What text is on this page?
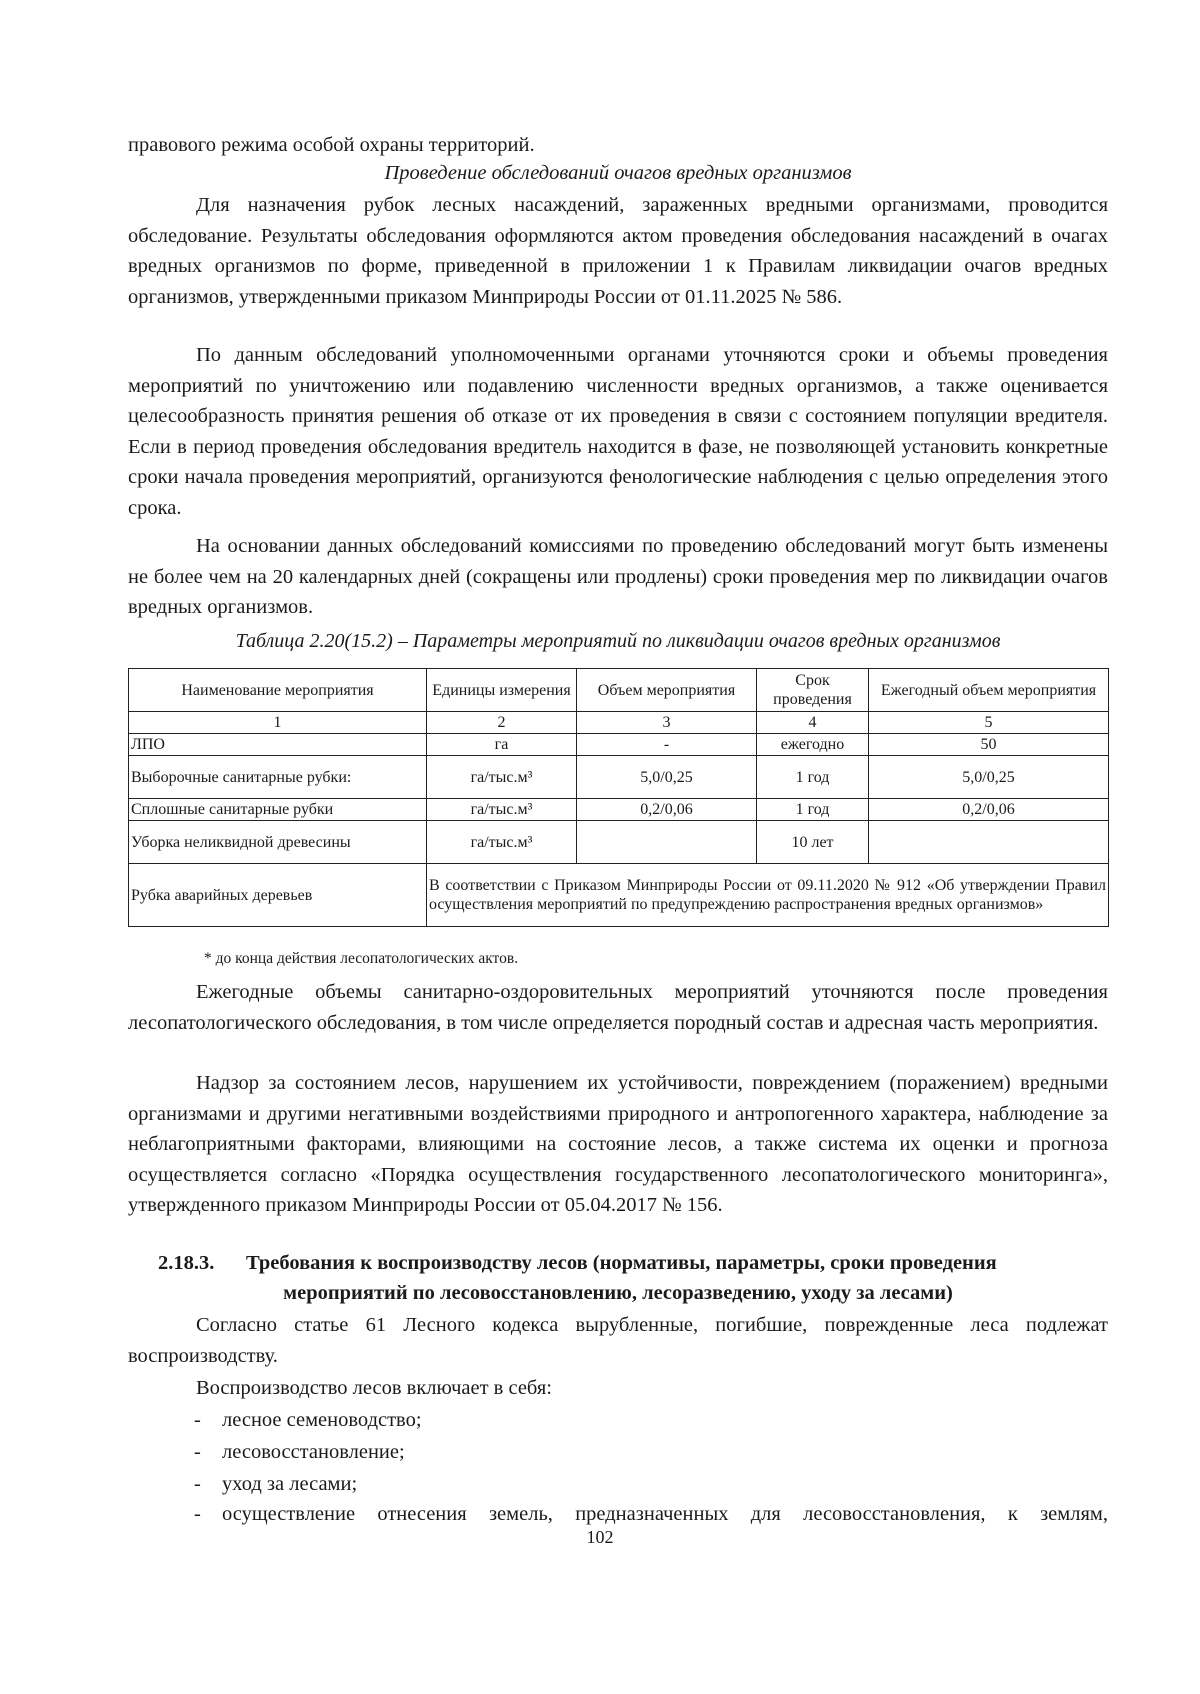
правового режима особой охраны территорий.

Проведение обследований очагов вредных организмов

Для назначения рубок лесных насаждений, зараженных вредными организмами, проводится обследование. Результаты обследования оформляются актом проведения обследования насаждений в очагах вредных организмов по форме, приведенной в приложении 1 к Правилам ликвидации очагов вредных организмов, утвержденными приказом Минприроды России от 01.11.2025 № 586.

По данным обследований уполномоченными органами уточняются сроки и объемы проведения мероприятий по уничтожению или подавлению численности вредных организмов, а также оценивается целесообразность принятия решения об отказе от их проведения в связи с состоянием популяции вредителя. Если в период проведения обследования вредитель находится в фазе, не позволяющей установить конкретные сроки начала проведения мероприятий, организуются фенологические наблюдения с целью определения этого срока.

На основании данных обследований комиссиями по проведению обследований могут быть изменены не более чем на 20 календарных дней (сокращены или продлены) сроки проведения мер по ликвидации очагов вредных организмов.

Таблица 2.20(15.2) – Параметры мероприятий по ликвидации очагов вредных организмов

Наименование мероприятия	Единицы измерения	Объем мероприятия	Срок проведения	Ежегодный объем мероприятия
1	2	3	4	5
ЛПО	га	-	ежегодно	50
Выборочные санитарные рубки:	га/тыс.м³	5,0/0,25	1 год	5,0/0,25
Сплошные санитарные рубки	га/тыс.м³	0,2/0,06	1 год	0,2/0,06
Уборка неликвидной древесины	га/тыс.м³		10 лет	
Рубка аварийных деревьев	В соответствии с Приказом Минприроды России от 09.11.2020 № 912 «Об утверждении Правил осуществления мероприятий по предупреждению распространения вредных организмов»			

* до конца действия лесопатологических актов.

Ежегодные объемы санитарно-оздоровительных мероприятий уточняются после проведения лесопатологического обследования, в том числе определяется породный состав и адресная часть мероприятия.

Надзор за состоянием лесов, нарушением их устойчивости, повреждением (поражением) вредными организмами и другими негативными воздействиями природного и антропогенного характера, наблюдение за неблагоприятными факторами, влияющими на состояние лесов, а также система их оценки и прогноза осуществляется согласно «Порядка осуществления государственного лесопатологического мониторинга», утвержденного приказом Минприроды России от 05.04.2017 № 156.

2.18.3. Требования к воспроизводству лесов (нормативы, параметры, сроки проведения
мероприятий по лесовосстановлению, лесоразведению, уходу за лесами)

Согласно статье 61 Лесного кодекса вырубленные, погибшие, поврежденные леса подлежат воспроизводству.

Воспроизводство лесов включает в себя:

- лесное семеноводство;
- лесовосстановление;
- уход за лесами;
-	осуществление отнесения земель, предназначенных для лесовосстановления, к землям,

102
